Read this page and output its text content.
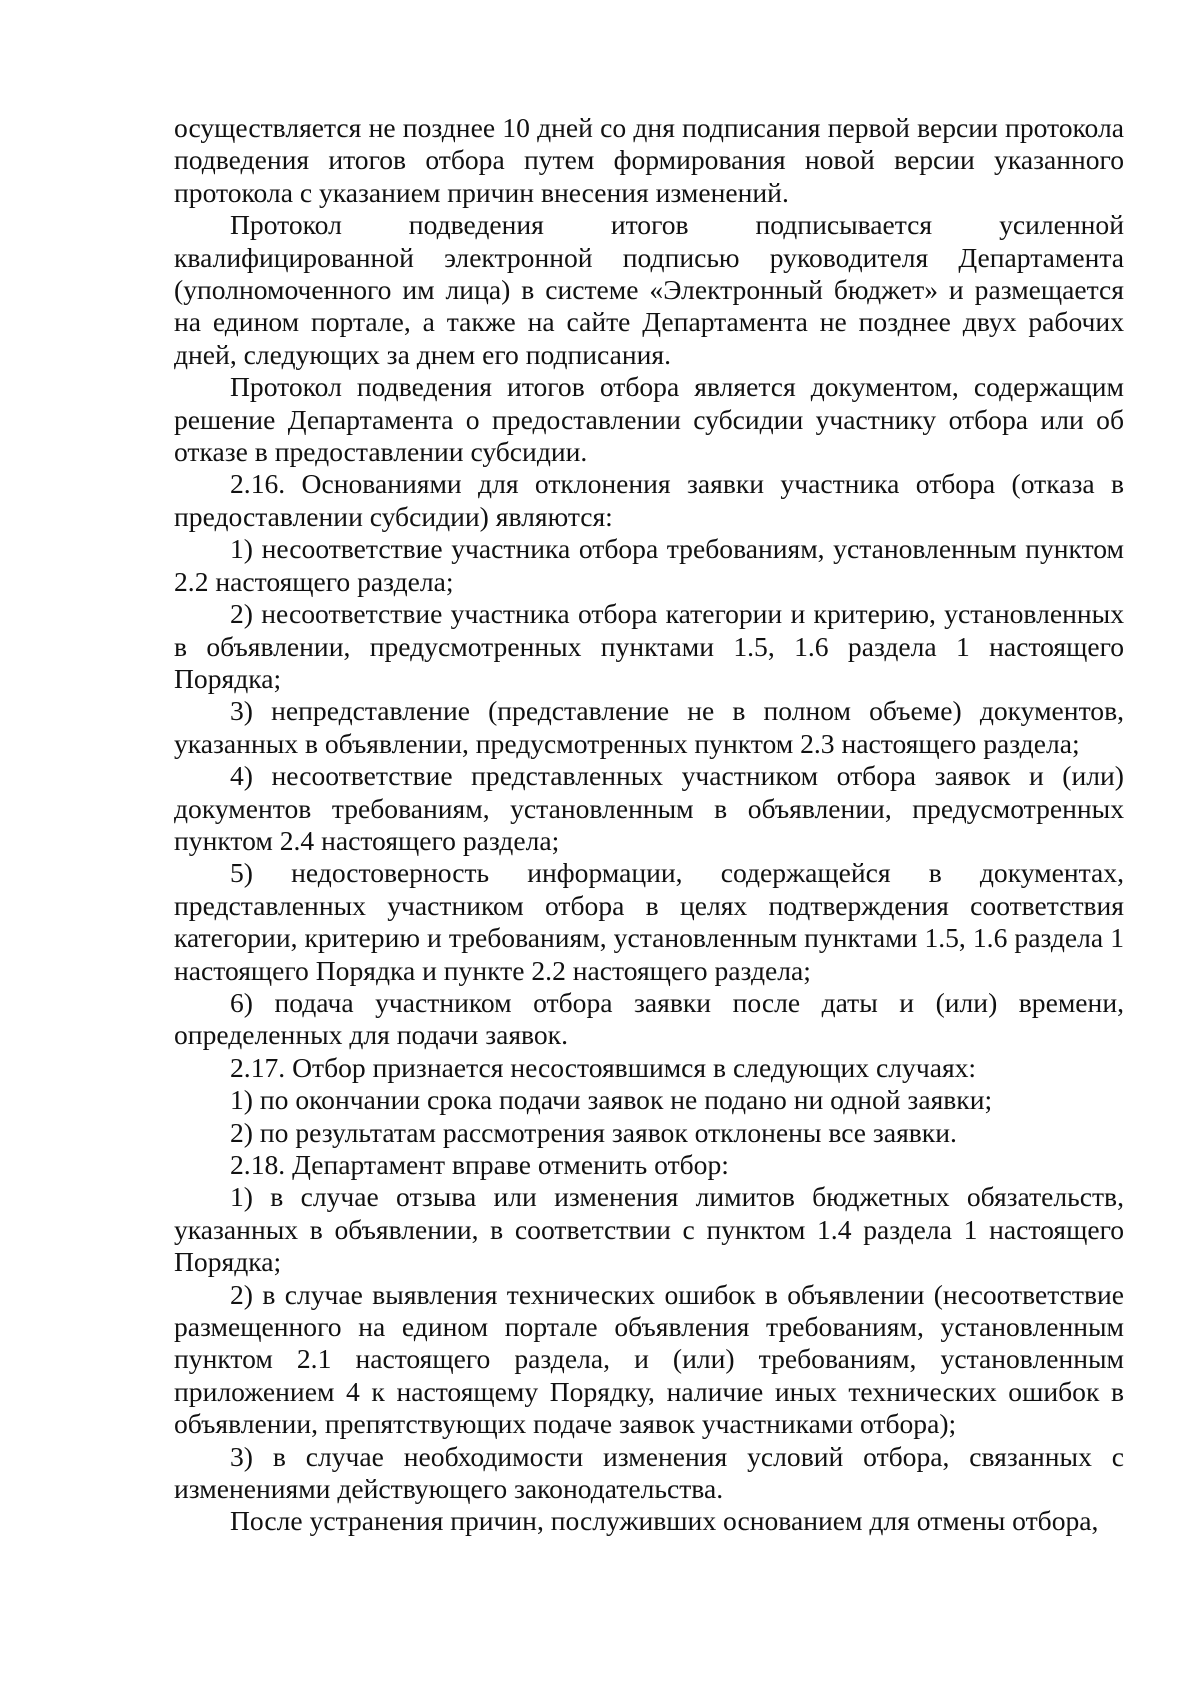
осуществляется не позднее 10 дней со дня подписания первой версии протокола подведения итогов отбора путем формирования новой версии указанного протокола с указанием причин внесения изменений.

Протокол подведения итогов подписывается усиленной квалифицированной электронной подписью руководителя Департамента (уполномоченного им лица) в системе «Электронный бюджет» и размещается на едином портале, а также на сайте Департамента не позднее двух рабочих дней, следующих за днем его подписания.

Протокол подведения итогов отбора является документом, содержащим решение Департамента о предоставлении субсидии участнику отбора или об отказе в предоставлении субсидии.

2.16. Основаниями для отклонения заявки участника отбора (отказа в предоставлении субсидии) являются:

1) несоответствие участника отбора требованиям, установленным пунктом 2.2 настоящего раздела;

2) несоответствие участника отбора категории и критерию, установленных в объявлении, предусмотренных пунктами 1.5, 1.6 раздела 1 настоящего Порядка;

3) непредставление (представление не в полном объеме) документов, указанных в объявлении, предусмотренных пунктом 2.3 настоящего раздела;

4) несоответствие представленных участником отбора заявок и (или) документов требованиям, установленным в объявлении, предусмотренных пунктом 2.4 настоящего раздела;

5) недостоверность информации, содержащейся в документах, представленных участником отбора в целях подтверждения соответствия категории, критерию и требованиям, установленным пунктами 1.5, 1.6 раздела 1 настоящего Порядка и пункте 2.2 настоящего раздела;

6) подача участником отбора заявки после даты и (или) времени, определенных для подачи заявок.

2.17. Отбор признается несостоявшимся в следующих случаях:

1) по окончании срока подачи заявок не подано ни одной заявки;

2) по результатам рассмотрения заявок отклонены все заявки.

2.18. Департамент вправе отменить отбор:

1) в случае отзыва или изменения лимитов бюджетных обязательств, указанных в объявлении, в соответствии с пунктом 1.4 раздела 1 настоящего Порядка;

2) в случае выявления технических ошибок в объявлении (несоответствие размещенного на едином портале объявления требованиям, установленным пунктом 2.1 настоящего раздела, и (или) требованиям, установленным приложением 4 к настоящему Порядку, наличие иных технических ошибок в объявлении, препятствующих подаче заявок участниками отбора);

3) в случае необходимости изменения условий отбора, связанных с изменениями действующего законодательства.

После устранения причин, послуживших основанием для отмены отбора,
